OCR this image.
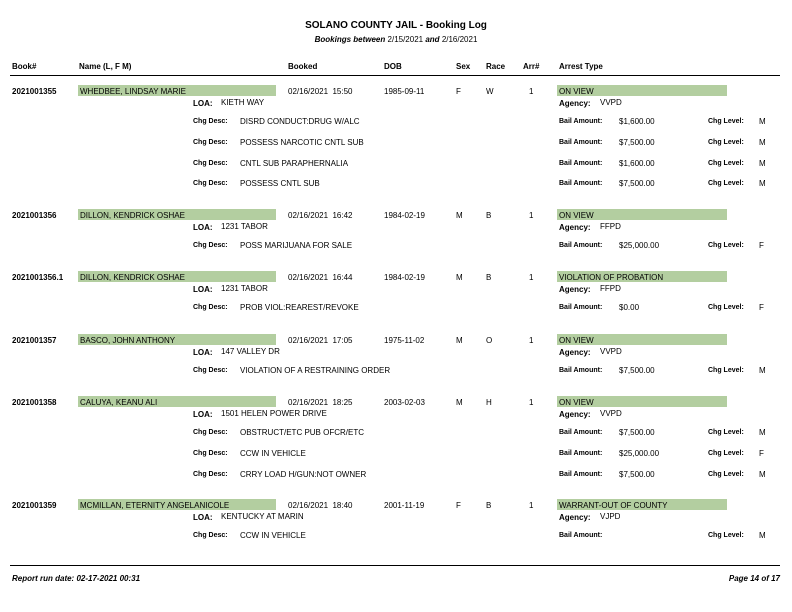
SOLANO COUNTY JAIL - Booking Log
Bookings between 2/15/2021 and 2/16/2021
Book#	Name (L, F M)	Booked	DOB	Sex Race Arr# Arrest Type
2021001355	WHEDBEE, LINDSAY MARIE	02/16/2021  15:50	1985-09-11	F	W	1	ON VIEW
LOA: KIETH WAY	Agency: VVPD
Chg Desc: DISRD CONDUCT:DRUG W/ALC	Bail Amount: $1,600.00	Chg Level: M
Chg Desc: POSSESS NARCOTIC CNTL SUB	Bail Amount: $7,500.00	Chg Level: M
Chg Desc: CNTL SUB PARAPHERNALIA	Bail Amount: $1,600.00	Chg Level: M
Chg Desc: POSSESS CNTL SUB	Bail Amount: $7,500.00	Chg Level: M
2021001356	DILLON, KENDRICK OSHAE	02/16/2021  16:42	1984-02-19	M	B	1	ON VIEW
LOA: 1231 TABOR	Agency: FFPD
Chg Desc: POSS MARIJUANA FOR SALE	Bail Amount: $25,000.00	Chg Level: F
2021001356.1 DILLON, KENDRICK OSHAE	02/16/2021  16:44	1984-02-19	M	B	1	VIOLATION OF PROBATION
LOA: 1231 TABOR	Agency: FFPD
Chg Desc: PROB VIOL:REAREST/REVOKE	Bail Amount: $0.00	Chg Level: F
2021001357	BASCO, JOHN ANTHONY	02/16/2021  17:05	1975-11-02	M	O	1	ON VIEW
LOA: 147 VALLEY DR	Agency: VVPD
Chg Desc: VIOLATION OF A RESTRAINING ORDER	Bail Amount: $7,500.00	Chg Level: M
2021001358	CALUYA, KEANU ALI	02/16/2021  18:25	2003-02-03	M	H	1	ON VIEW
LOA: 1501 HELEN POWER DRIVE	Agency: VVPD
Chg Desc: OBSTRUCT/ETC PUB OFCR/ETC	Bail Amount: $7,500.00	Chg Level: M
Chg Desc: CCW IN VEHICLE	Bail Amount: $25,000.00	Chg Level: F
Chg Desc: CRRY LOAD H/GUN:NOT OWNER	Bail Amount: $7,500.00	Chg Level: M
2021001359	MCMILLAN, ETERNITY ANGELANICOLE	02/16/2021  18:40	2001-11-19	F	B	1	WARRANT-OUT OF COUNTY
LOA: KENTUCKY AT MARIN	Agency: VJPD
Chg Desc: CCW IN VEHICLE	Bail Amount:	Chg Level: M
Report run date: 02-17-2021 00:31	Page 14 of 17
